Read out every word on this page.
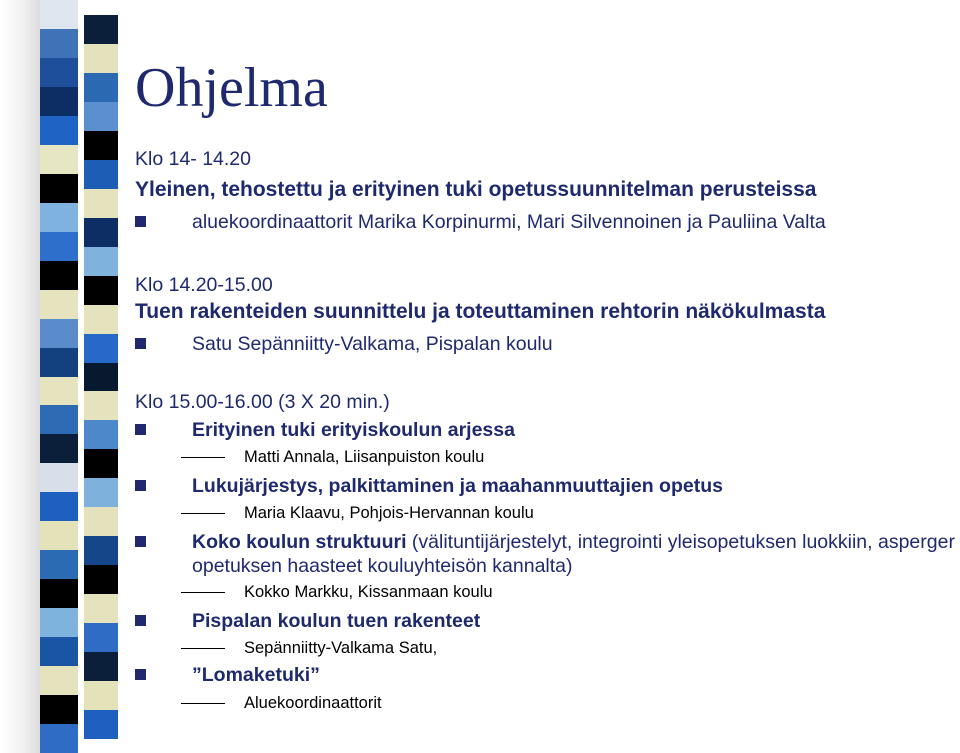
Ohjelma
Klo 14- 14.20
Yleinen, tehostettu ja erityinen tuki opetussuunnitelman perusteissa
aluekoordinaattorit Marika Korpinurmi, Mari Silvennoinen ja Pauliina Valta
Klo 14.20-15.00
Tuen rakenteiden suunnittelu ja toteuttaminen rehtorin näkökulmasta
Satu Sepänniitty-Valkama, Pispalan koulu
Klo 15.00-16.00 (3 X 20 min.)
Erityinen tuki erityiskoulun arjessa
Matti Annala, Liisanpuiston koulu
Lukujärjestys, palkittaminen ja maahanmuuttajien opetus
Maria Klaavu, Pohjois-Hervannan koulu
Koko koulun struktuuri (välituntijärjestelyt, integrointi yleisopetuksen luokkiin, asperger opetuksen haasteet kouluyhteisön kannalta)
Kokko Markku, Kissanmaan koulu
Pispalan koulun tuen rakenteet
Sepänniitty-Valkama Satu,
”Lomaketuki”
Aluekoordinaattorit
